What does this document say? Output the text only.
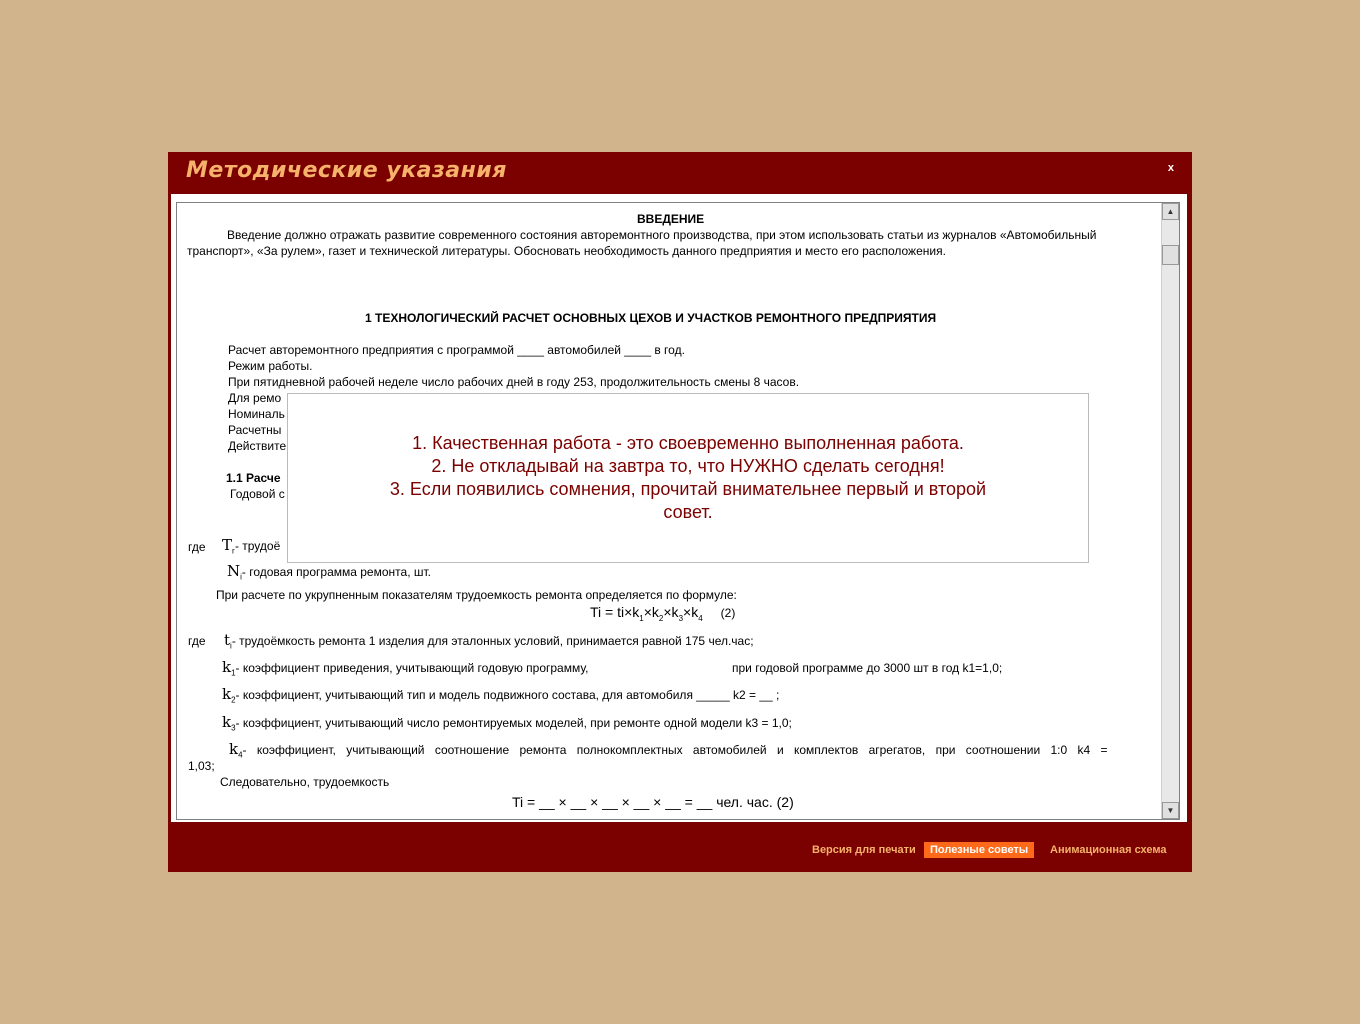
Методические указания	x

ВВЕДЕНИЕ

Введение должно отражать развитие современного состояния авторемонтного производства, при этом использовать статьи из журналов «Автомобильный

транспорт», «За рулем», газет и технической литературы. Обосновать необходимость данного предприятия и место его расположения.

1 ТЕХНОЛОГИЧЕСКИЙ РАСЧЕТ ОСНОВНЫХ ЦЕХОВ И УЧАСТКОВ РЕМОНТНОГО ПРЕДПРИЯТИЯ

Расчет авторемонтного предприятия с программой ____ автомобилей ____ в год.

Режим работы.

При пятидневной рабочей неделе число рабочих дней в году 253, продолжительность смены 8 часов.

Для ремо

Номиналь

Расчетны

Действите

1.1 Расче

Годовой с

где $T_г-$ трудоё

$N_i-$ годовая программа ремонта, шт.

При расчете по укрупненным показателям трудоемкость ремонта определяется по формуле:

$Ti = ti\times k_1\times k_2\times k_3\times k_4$ (2)

где $t_i-$ трудоёмкость ремонта 1 изделия для эталонных условий, принимается равной 175 чел.час;

$k_1-$ коэффициент приведения, учитывающий годовую программу,	при годовой программе до 3000 шт в год k1=1,0;

$k_2-$ коэффициент, учитывающий тип и модель подвижного состава, для автомобиля _____ k2 = __ ;

$k_3-$ коэффициент, учитывающий число ремонтируемых моделей, при ремонте одной модели k3 = 1,0;

$k_4-$ коэффициент, учитывающий соотношение ремонта полнокомплектных автомобилей и комплектов агрегатов, при соотношении 1:0 k4 =

1,03;

Следовательно, трудоемкость

Ti = __ × __ × __ × __ × __ = __ чел. час. (2)

▲
▼
Версия для печати	Полезные советы	Анимационная схема
1. Качественная работа - это своевременно выполненная работа.
2. Не откладывай на завтра то, что НУЖНО сделать сегодня!
3. Если появились сомнения, прочитай внимательнее первый и второй
совет.
